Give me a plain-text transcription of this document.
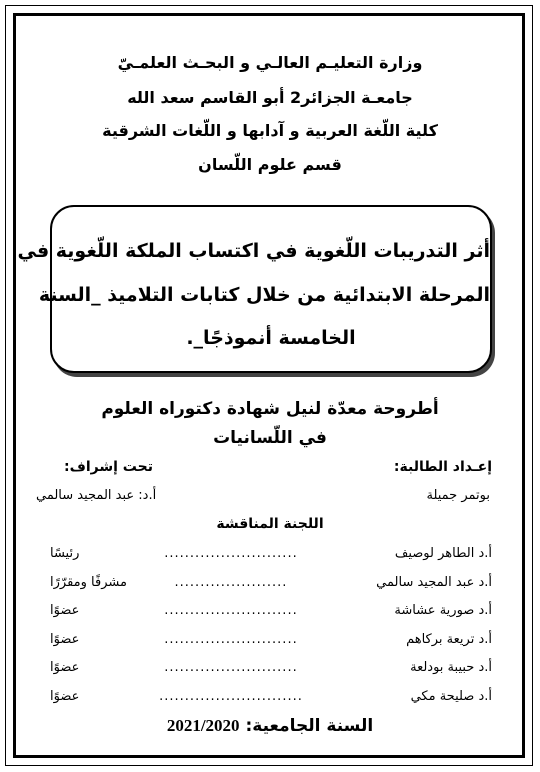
وزارة التعليـم العالـي و البحـث العلمـيّ
جامعـة الجزائر2 أبو القاسم سعد الله
كلية اللّغة العربية و آدابها و اللّغات الشرقية
قسم علوم اللّسان
أثر التدريبات اللّغوية في اكتساب الملكة اللّغوية في
المرحلة الابتدائية من خلال كتابات التلاميذ _السنة
الخامسة أنموذجًا_.
أطروحة معدّة لنيل شهادة دكتوراه العلوم
في اللّسانيات
إعـداد الطالبة:
تحت إشراف:
بوتمر جميلة
أ.د: عبد المجيد سالمي
اللجنة المناقشة
أ.د الطاهر لوصيف
..........................
رئيسًا
أ.د عبد المجيد سالمي
......................
مشرفًا ومقرّرًا
أ.د صورية عشاشة
..........................
عضوًا
أ.د تريعة بركاهم
..........................
عضوًا
أ.د حبيبة بودلعة
..........................
عضوًا
أ.د صليحة مكي
............................
عضوًا
السنة الجامعية: 2021/2020
